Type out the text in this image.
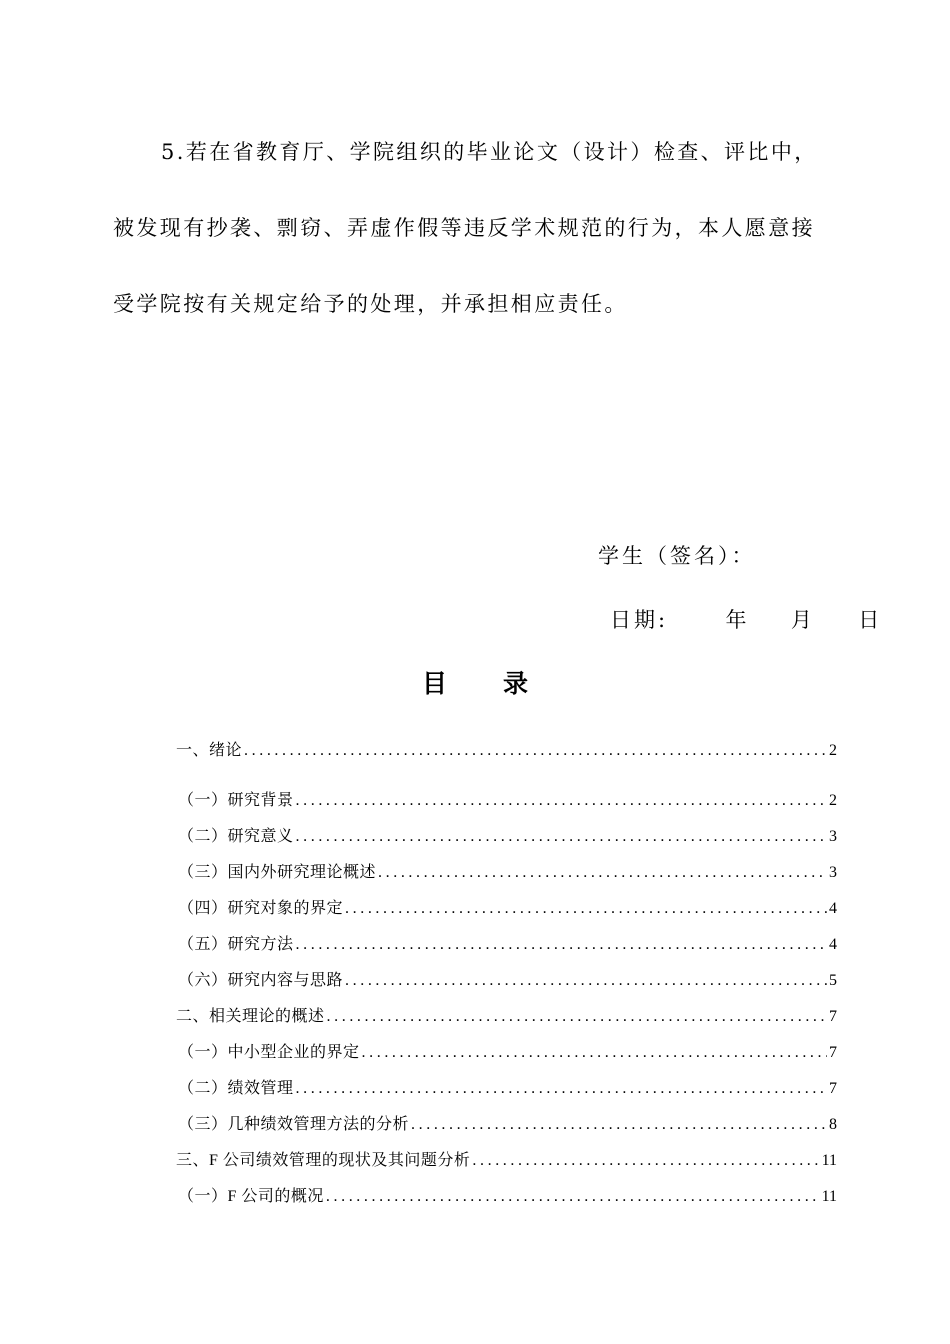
5.若在省教育厅、学院组织的毕业论文（设计）检查、评比中，
被发现有抄袭、剽窃、弄虚作假等违反学术规范的行为，本人愿意接
受学院按有关规定给予的处理，并承担相应责任。
学生（签名）：
日期:	年 月 日
目 录
一、绪论 .....	2
（一）研究背景 .....	2
（二）研究意义 .....	3
（三）国内外研究理论概述 .....	3
（四）研究对象的界定 .....	4
（五）研究方法 .....	4
（六）研究内容与思路 .....	5
二、相关理论的概述 .....	7
（一）中小型企业的界定 .....	7
（二）绩效管理 .....	7
（三）几种绩效管理方法的分析 .....	8
三、F 公司绩效管理的现状及其问题分析 .....	11
（一）F 公司的概况 .....	11
